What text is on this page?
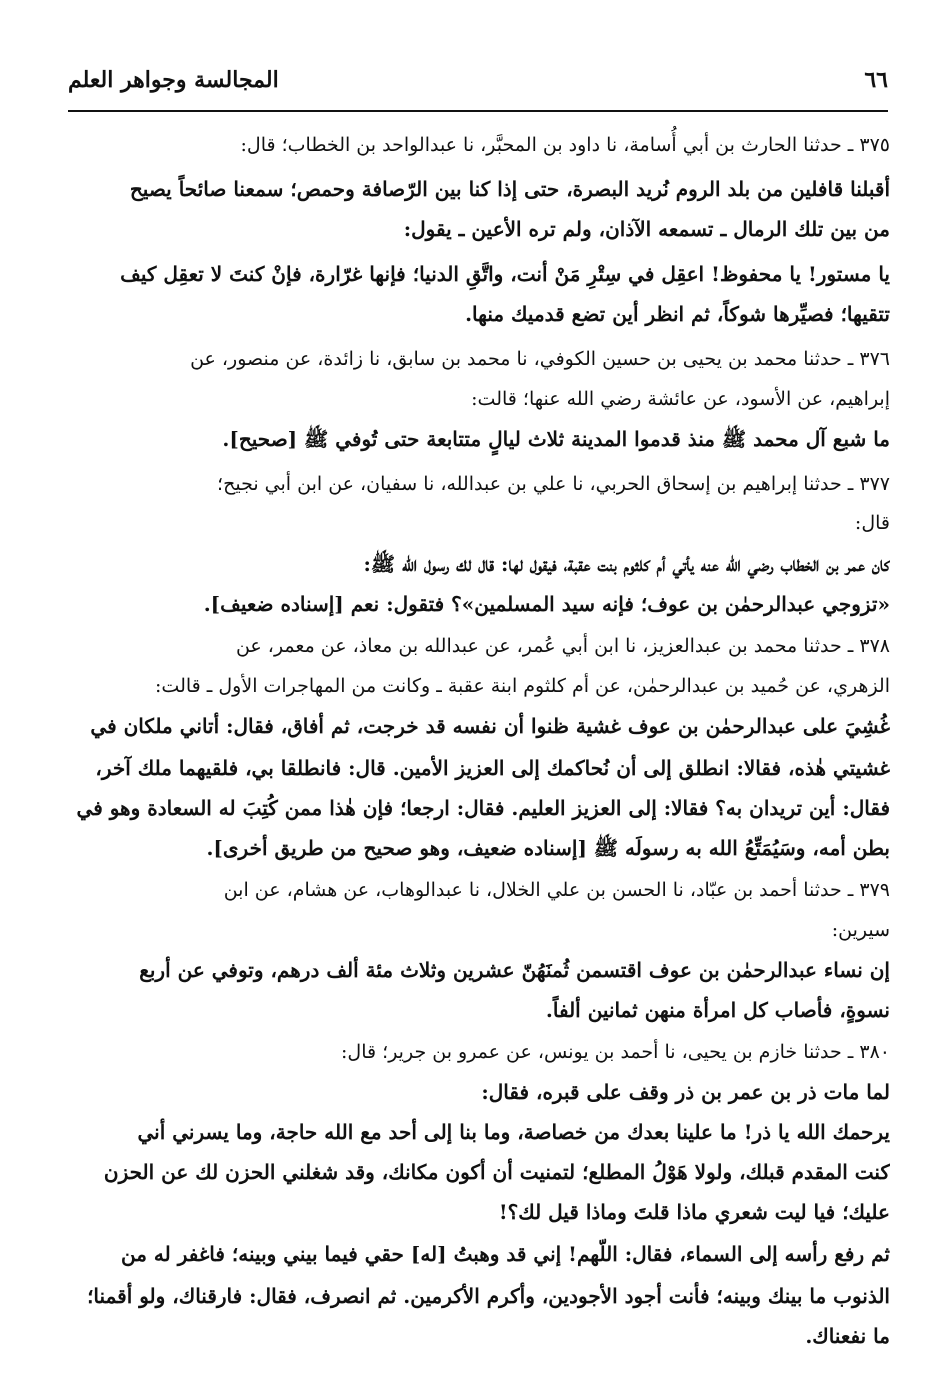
٦٦
المجالسة وجواهر العلم
٣٧٥ ـ حدثنا الحارث بن أبي أُسامة، نا داود بن المحبَّر، نا عبدالواحد بن الخطاب؛ قال:
أقبلنا قافلين من بلد الروم نُريد البصرة، حتى إذا كنا بين الرّصافة وحمص؛ سمعنا صائحاً يصيح
من بين تلك الرمال ـ تسمعه الآذان، ولم تره الأعين ـ يقول:
يا مستور! يا محفوظ! اعقِل في سِتْرِ مَنْ أنت، واتَّقِ الدنيا؛ فإنها غرّارة، فإنْ كنتَ لا تعقِل كيف
تتقيها؛ فصيِّرها شوكاً، ثم انظر أين تضع قدميك منها.
٣٧٦ ـ حدثنا محمد بن يحيى بن حسين الكوفي، نا محمد بن سابق، نا زائدة، عن منصور، عن
إبراهيم، عن الأسود، عن عائشة رضي الله عنها؛ قالت:
ما شبع آل محمد ﷺ منذ قدموا المدينة ثلاث ليالٍ متتابعة حتى تُوفي ﷺ [صحيح].
٣٧٧ ـ حدثنا إبراهيم بن إسحاق الحربي، نا علي بن عبدالله، نا سفيان، عن ابن أبي نجيح؛
قال:
كان عمر بن الخطاب رضي الله عنه يأتي أم كلثوم بنت عقبة، فيقول لها: قال لك رسول الله ﷺ:
«تزوجي عبدالرحمٰن بن عوف؛ فإنه سيد المسلمين»؟ فتقول: نعم [إسناده ضعيف].
٣٧٨ ـ حدثنا محمد بن عبدالعزيز، نا ابن أبي عُمر، عن عبدالله بن معاذ، عن معمر، عن
الزهري، عن حُميد بن عبدالرحمٰن، عن أم كلثوم ابنة عقبة ـ وكانت من المهاجرات الأول ـ قالت:
غُشِيَ على عبدالرحمٰن بن عوف غشية ظنوا أن نفسه قد خرجت، ثم أفاق، فقال: أتاني ملكان في
غشيتي هٰذه، فقالا: انطلق إلى أن نُحاكمك إلى العزيز الأمين. قال: فانطلقا بي، فلقيهما ملك آخر،
فقال: أين تريدان به؟ فقالا: إلى العزيز العليم. فقال: ارجعا؛ فإن هٰذا ممن كُتِبَ له السعادة وهو في
بطن أمه، وسَيُمَتِّعُ الله به رسولَه ﷺ [إسناده ضعيف، وهو صحيح من طريق أخرى].
٣٧٩ ـ حدثنا أحمد بن عبّاد، نا الحسن بن علي الخلال، نا عبدالوهاب، عن هشام، عن ابن
سيرين:
إن نساء عبدالرحمٰن بن عوف اقتسمن ثُمنَهُنّ عشرين وثلاث مئة ألف درهم، وتوفي عن أربع
نسوةٍ، فأصاب كل امرأة منهن ثمانين ألفاً.
٣٨٠ ـ حدثنا خازم بن يحيى، نا أحمد بن يونس، عن عمرو بن جرير؛ قال:
لما مات ذر بن عمر بن ذر وقف على قبره، فقال:
يرحمك الله يا ذر! ما علينا بعدك من خصاصة، وما بنا إلى أحد مع الله حاجة، وما يسرني أني
كنت المقدم قبلك، ولولا هَوْلُ المطلع؛ لتمنيت أن أكون مكانك، وقد شغلني الحزن لك عن الحزن
عليك؛ فيا ليت شعري ماذا قلتَ وماذا قيل لك؟!
ثم رفع رأسه إلى السماء، فقال: اللّهم! إني قد وهبتُ [له] حقي فيما بيني وبينه؛ فاغفر له من
الذنوب ما بينك وبينه؛ فأنت أجود الأجودين، وأكرم الأكرمين. ثم انصرف، فقال: فارقناك، ولو أقمنا؛
ما نفعناك.
